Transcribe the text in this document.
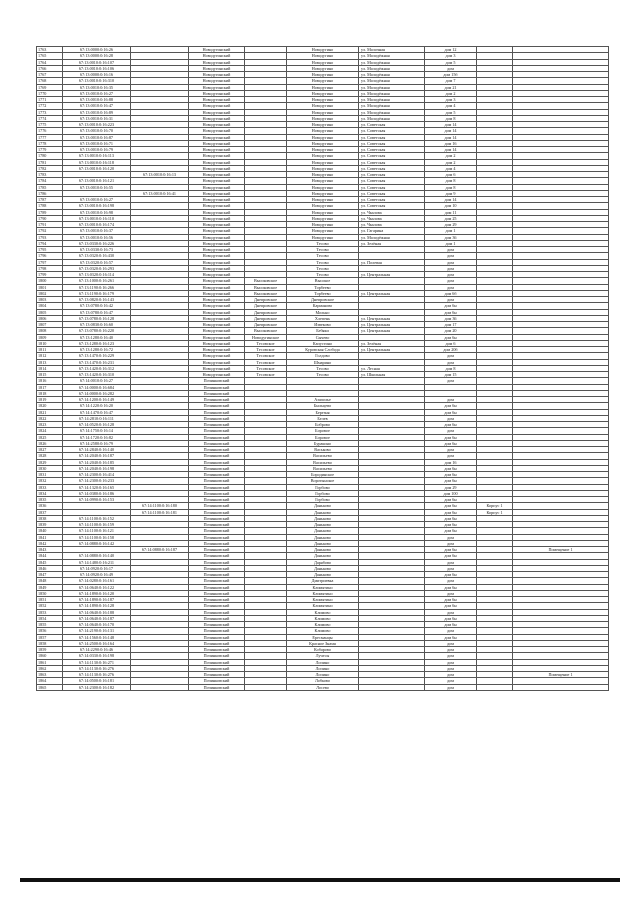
1763	67:13:0000:0:16:26		Новодугинский		Новодугино	ул. Молочная	дом 12		
1765	67:13:0000:0:16:28		Новодугинский		Новодугино	ул. Молодёжная	дом 3		
1764	67:13:0010:0:16:107		Новодугинский		Новодугино	ул. Молодёжная	дом 5		
1766	67:13:0010:0:16:106		Новодугинский		Новодугино	ул. Молодёжная	дом		
1767	67:13:0000:0:16:16		Новодугинский		Новодугино	ул. Молодёжная	дом 15б		
1768	67:13:0010:0:16:310		Новодугинский		Новодугино	ул. Молодёжная	дом 7		
1769	67:13:0010:0:16:35		Новодугинский		Новодугино	ул. Молодёжная	дом 21		
1770	67:13:0010:0:16:27		Новодугинский		Новодугино	ул. Молодёжная	дом 2		
1771	67:13:0010:0:16:88		Новодугинский		Новодугино	ул. Молодёжная	дом 3		
1772	67:13:0010:0:16:47		Новодугинский		Новодугино	ул. Молодёжная	дом 4		
1773	67:13:0010:0:16:89		Новодугинский		Новодугино	ул. Молодёжная	дом 5		
1774	67:13:0010:0:16:31		Новодугинский		Новодугино	ул. Молодёжная	дом 8		
1775	67:13:0010:0:16:223		Новодугинский		Новодугино	ул. Советская	дом 14		
1776	67:13:0010:0:16:70		Новодугинский		Новодугино	ул. Советская	дом 14		
1777	67:13:0010:0:16:87		Новодугинский		Новодугино	ул. Советская	дом 14		
1778	67:13:0010:0:16:71		Новодугинский		Новодугино	ул. Советская	дом 16		
1779	67:13:0010:0:16:79		Новодугинский		Новодугино	ул. Советская	дом 14		
1780	67:13:0010:0:16:113		Новодугинский		Новодугино	ул. Советская	дом 2		
1781	67:13:0010:0:16:118		Новодугинский		Новодугино	ул. Советская	дом 2		
1782	67:13:0010:0:16:120		Новодугинский		Новодугино	ул. Советская	дом 4		
1783		67:13:0010:0:16:13	Новодугинский		Новодугино	ул. Советская	дом 6		
1784	67:13:0010:0:16:121		Новодугинский		Новодугино	ул. Советская	дом 8		
1785	67:13:0010:0:16:55		Новодугинский		Новодугино	ул. Советская	дом 8		
1786		67:13:0010:0:16:41	Новодугинский		Новодугино	ул. Советская	дом 9		
1787	67:13:0010:0:16:27		Новодугинский		Новодугино	ул. Советская	дом 14		
1788	67:13:0010:0:16:198		Новодугинский		Новодугино	ул. Советская	дом 10		
1789	67:13:0010:0:16:98		Новодугинский		Новодугино	ул. Чкалова	дом 11		
1790	67:13:0010:0:16:110		Новодугинский		Новодугино	ул. Чкалова	дом 25		
1791	67:13:0010:0:16:174		Новодугинский		Новодугино	ул. Чкалова	дом 29		
1792	67:13:0010:0:16:37		Новодугинский		Новодугино	ул. Гагарина	дом 1		
1793	67:13:0010:0:16:56		Новодугинский		Новодугино	ул. Молодёжная	дом 36		
1794	67:13:0330:0:16:226		Новодугинский		Тесово	ул. Зелёная	дом 1		
1795	67:13:0330:0:16:73		Новодугинский		Тесово		дом		
1796	67:13:0320:0:16:430		Новодугинский		Тесово		дом		
1797	67:13:0320:0:16:57		Новодугинский		Тесово	ул. Полевая	дом		
1798	67:13:0320:0:16:293		Новодугинский		Тесово		дом		
1799	67:13:0320:0:16:114		Новодугинский		Тесово	ул. Центральная	дом		
1800	67:13:1000:0:16:261		Новодугинский	Высоковское	Высокое		дом		
1801	67:13:1190:0:16:266		Новодугинский	Высоковское	Торбеево		дом		
1802	67:13:1190:0:16:179		Новодугинский	Высоковское	Торбеево	ул. Центральная	дом 6б		
1803	67:13:0820:0:16:143		Новодугинский	Днепровское	Днепровское		дом		
1804	67:13:0780:0:16:42		Новодугинский	Днепровское	Карманово		дом 6н		
1805	67:13:0780:0:16:47		Новодугинский	Днепровское	Мольно		дом 6н		
1806	67:13:0780:0:16:128		Новодугинский	Днепровское	Хлепень	ул. Центральная	дом 36		
1807	67:13:0830:0:16:60		Новодугинский	Днепровское	Извеково	ул. Центральная	дом 17		
1808	67:13:0780:0:16:220		Новодугинский	Высоковское	Бебяки	ул. Центральная	дом 20		
1809	67:13:1280:0:16:40		Новодугинский	Новодугинское	Сычево		дом 6н		
1810	67:13:1280:0:16:123		Новодугинский	Тесовское	Капустино	ул. Зелёная	дом 6		
1811	67:13:1280:0:16:72		Новодугинский	Тесовское	Куровская Слобода	ул. Центральная	дом 20б		
1812	67:13:1470:0:16:229		Новодугинский	Тесовское	Голдово		дом		
1813	67:13:1470:0:16:231		Новодугинский	Тесовское	Шмарино		дом		
1814	67:13:1420:0:16:312		Новодугинский	Тесовское	Тесово	ул. Лесная	дом 8		
1815	67:13:1420:0:16:310		Новодугинский	Тесовское	Тесово	ул. Школьная	дом 15		
1816	67:14:0010:0:16:27		Починковский				дом		
1817	67:14:0000:0:16:684		Починковский						
1818	67:14:0000:0:16:282		Починковский						
1819	67:14:1200:0:16:149		Починковский		Азаполье		дом		
1820	67:14:1220:0:16:20		Починковский		Быльцево		дом 6н		
1821	67:14:1470:0:16:47		Починковский		Березня		дом 6н		
1822	67:14:2810:0:16:111		Починковский		Белев		дом		
1823	67:14:0520:0:16:128		Починковский		Боброво		дом 6н		
1824	67:14:1750:0:16:14		Починковский		Боровое		дом		
1825	67:14:1720:0:16:82		Починковский		Боровое		дом 6н		
1826	67:14:2580:0:16:79		Починковский		Буракино		дом 6н		
1827	67:14:2840:0:16:140		Починковский		Васьково		дом		
1828	67:14:2040:0:16:187		Починковский		Васильево		дом		
1829	67:14:2040:0:16:185		Починковский		Васильево		дом 16		
1830	67:14:2040:0:16:198		Починковский		Васильево		дом 6н		
1831	67:14:2300:0:16:414		Починковский		Бородинское		дом 6н		
1832	67:14:2300:0:16:233		Починковский		Воротынское		дом 6н		
1833	67:14:1320:0:16:165		Починковский		Горбово		дом 29		
1834	67:14:0380:0:16:186		Починковский		Горбово		дом 100		
1835	67:14:0990:0:16:153		Починковский		Горбово		дом 6н		
1836		67:14:1100:0:16:180	Починковский		Даньково		дом 6н	Корпус 1	
1837		67:14:1100:0:16:181	Починковский		Даньково		дом 6н	Корпус 1	
1838	67:14:1100:0:16:152		Починковский		Даньково		дом 6н		
1839	67:14:1100:0:16:159		Починковский		Даньково		дом 6н		
1840	67:14:1100:0:16:121		Починковский		Даньково		дом 6н		
1841	67:14:1100:0:16:158		Починковский		Даньково		дом		
1842	67:14:0880:0:16:142		Починковский		Даньково		дом		
1843		67:14:0880:0:16:187	Починковский		Даньково		дом 6н		Помещение 1
1844	67:14:0880:0:16:140		Починковский		Даньково		дом 6н		
1845	67:14:1480:0:16:211		Починковский		Дарябово		дом		
1846	67:14:0920:0:16:17		Починковский		Даньково		дом		
1847	67:14:0920:0:16:49		Починковский		Даньково		дом 6н		
1848	67:14:0280:0:16:161		Починковский		Дмитриевка		дом		
1849	67:14:0640:0:16:122		Починковский		Климятино		дом 6н		
1850	67:14:1890:0:16:120		Починковский		Климятино		дом		
1851	67:14:1890:0:16:187		Починковский		Климятино		дом 6н		
1852	67:14:1890:0:16:128		Починковский		Климятино		дом 6н		
1853	67:14:0640:0:16:188		Починковский		Климово		дом		
1854	67:14:0640:0:16:187		Починковский		Климово		дом 6н		
1855	67:14:0640:0:16:170		Починковский		Климово		дом 6н		
1856	67:14:2190:0:16:131		Починковский		Климово		дом		
1857	67:14:1560:0:16:148		Починковский		Ересманцы		дом 6н		
1858	67:14:2500:0:16:164		Починковский		Красное Знамя		дом		
1859	67:14:2290:0:16:46		Починковский		Кобарово		дом		
1860	67:14:0330:0:16:198		Починковский		Лучесы		дом		
1861	67:14:1130:0:16:271		Починковский		Лопино		дом		
1862	67:14:1130:0:16:276		Починковский		Лопино		дом		
1863	67:14:1130:0:16:276		Починковский		Лопино		дом		Помещение 1
1864	67:14:0500:0:16:181		Починковский		Лобково		дом		
1865	67:14:2300:0:16:182		Починковский		Лосево		дом		
